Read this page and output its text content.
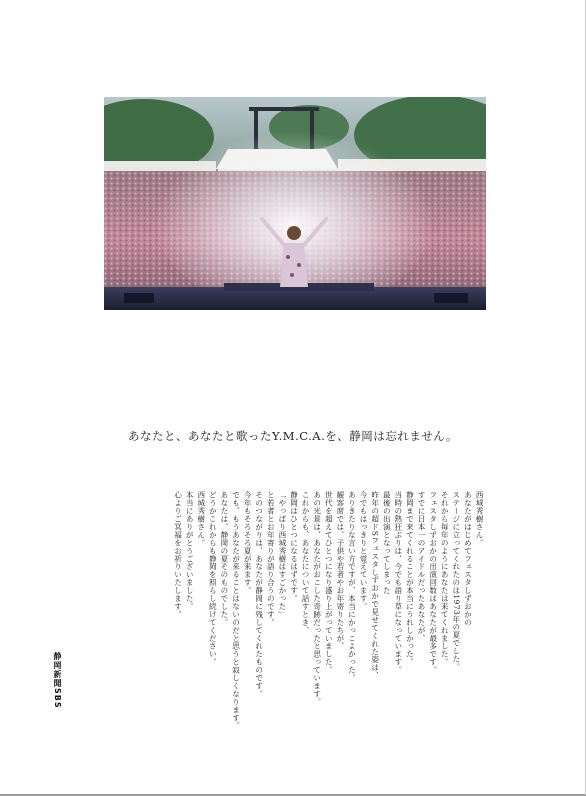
あなたと、あなたと歌ったY.M.C.A.を、静岡は忘れません。

西城秀樹さん。

あなたがはじめてフェスタしずおかの

ステージに立ってくれたのは1973年の夏でした。

それから毎年のようにあなたは来てくれました。

フェスタしずおかの出演回数はあなたが最多です。

すでに日本一のアイドルだったあなたが、

静岡まで来てくれることが本当にうれしかった。

当時の熱狂ぶりは、今でも語り草になっています。

最後の出演となってしまった

昨年の超ドSフェスタしずおかで見せてくれた姿は、

今でもはっきりと覚えています。

ありきたりな言い方ですが、本当にかっこよかった。

観客席では、子供や若者やお年寄りたちが、

世代を超えてひとつになり盛り上がっていました。

あの光景は、あなたがおこした奇跡だったと思っています。

これからも、あなたについて話すとき、

静岡はひとつになるはずです。

「やっぱり西城秀樹はすごかった」

と若者とお年寄りが語り合うのです。

そのつながりは、あなたが静岡に残してくれたものです。

今年もそろそろ夏が来ます。

でも、もうあなたが来ることはないのだと思うと寂しくなります。

あなたは、静岡の夏そのものでした。

どうかこれからも静岡を照らし続けてください。

西城秀樹さん。

本当にありがとうございました。

心よりご冥福をお祈りいたします。

静岡新聞SBS
